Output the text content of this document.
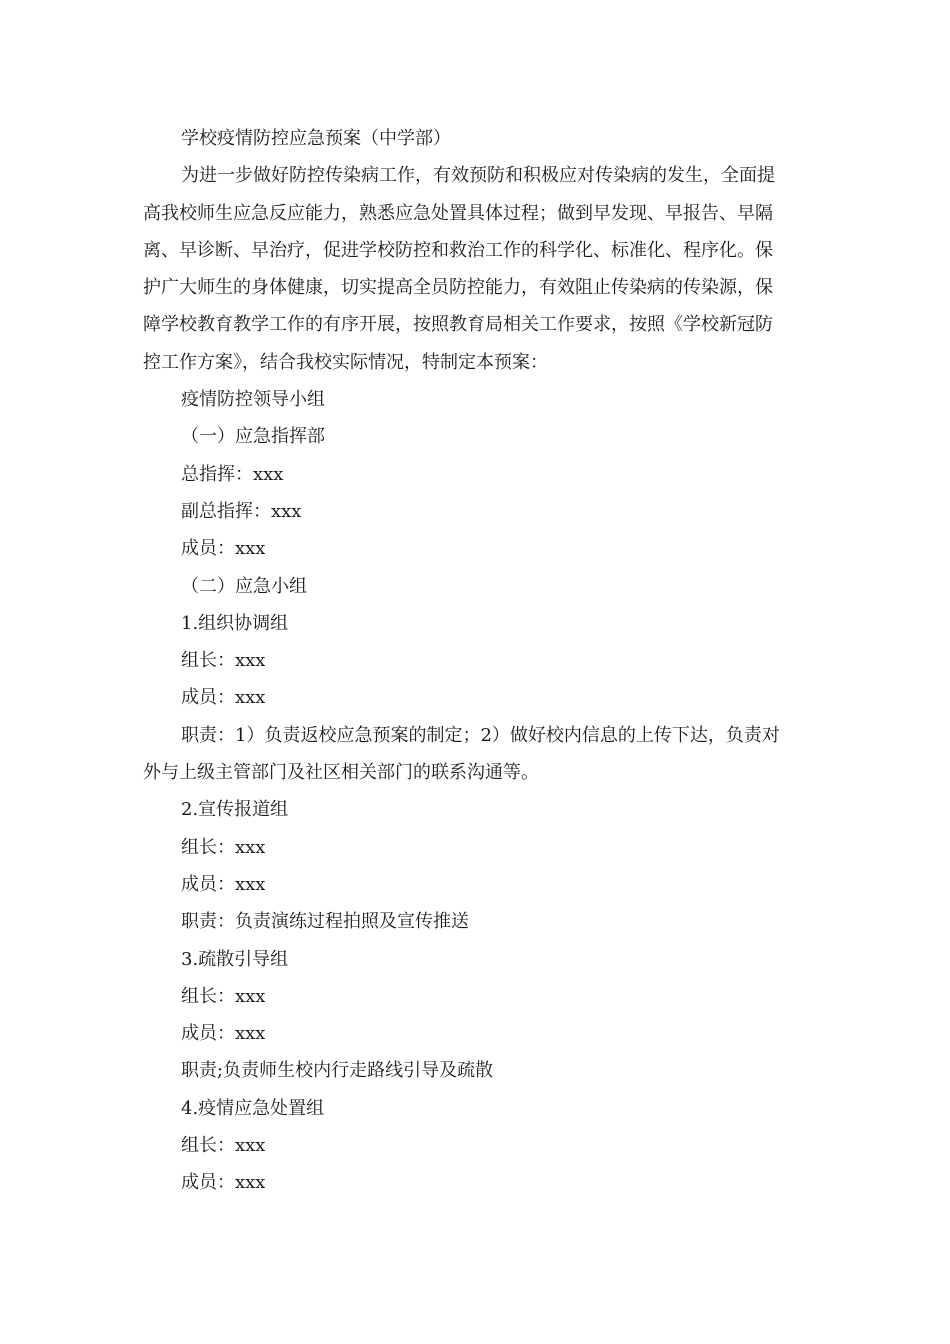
学校疫情防控应急预案（中学部）

为进一步做好防控传染病工作，有效预防和积极应对传染病的发生，全面提

高我校师生应急反应能力，熟悉应急处置具体过程；做到早发现、早报告、早隔

离、早诊断、早治疗，促进学校防控和救治工作的科学化、标准化、程序化。保

护广大师生的身体健康，切实提高全员防控能力，有效阻止传染病的传染源，保

障学校教育教学工作的有序开展，按照教育局相关工作要求，按照《学校新冠防

控工作方案》，结合我校实际情况，特制定本预案：

疫情防控领导小组

（一）应急指挥部

总指挥：xxx

副总指挥：xxx

成员：xxx

（二）应急小组

1.组织协调组

组长：xxx

成员：xxx

职责：1）负责返校应急预案的制定；2）做好校内信息的上传下达，负责对

外与上级主管部门及社区相关部门的联系沟通等。

2.宣传报道组

组长：xxx

成员：xxx

职责：负责演练过程拍照及宣传推送

3.疏散引导组

组长：xxx

成员：xxx

职责;负责师生校内行走路线引导及疏散

4.疫情应急处置组

组长：xxx

成员：xxx
